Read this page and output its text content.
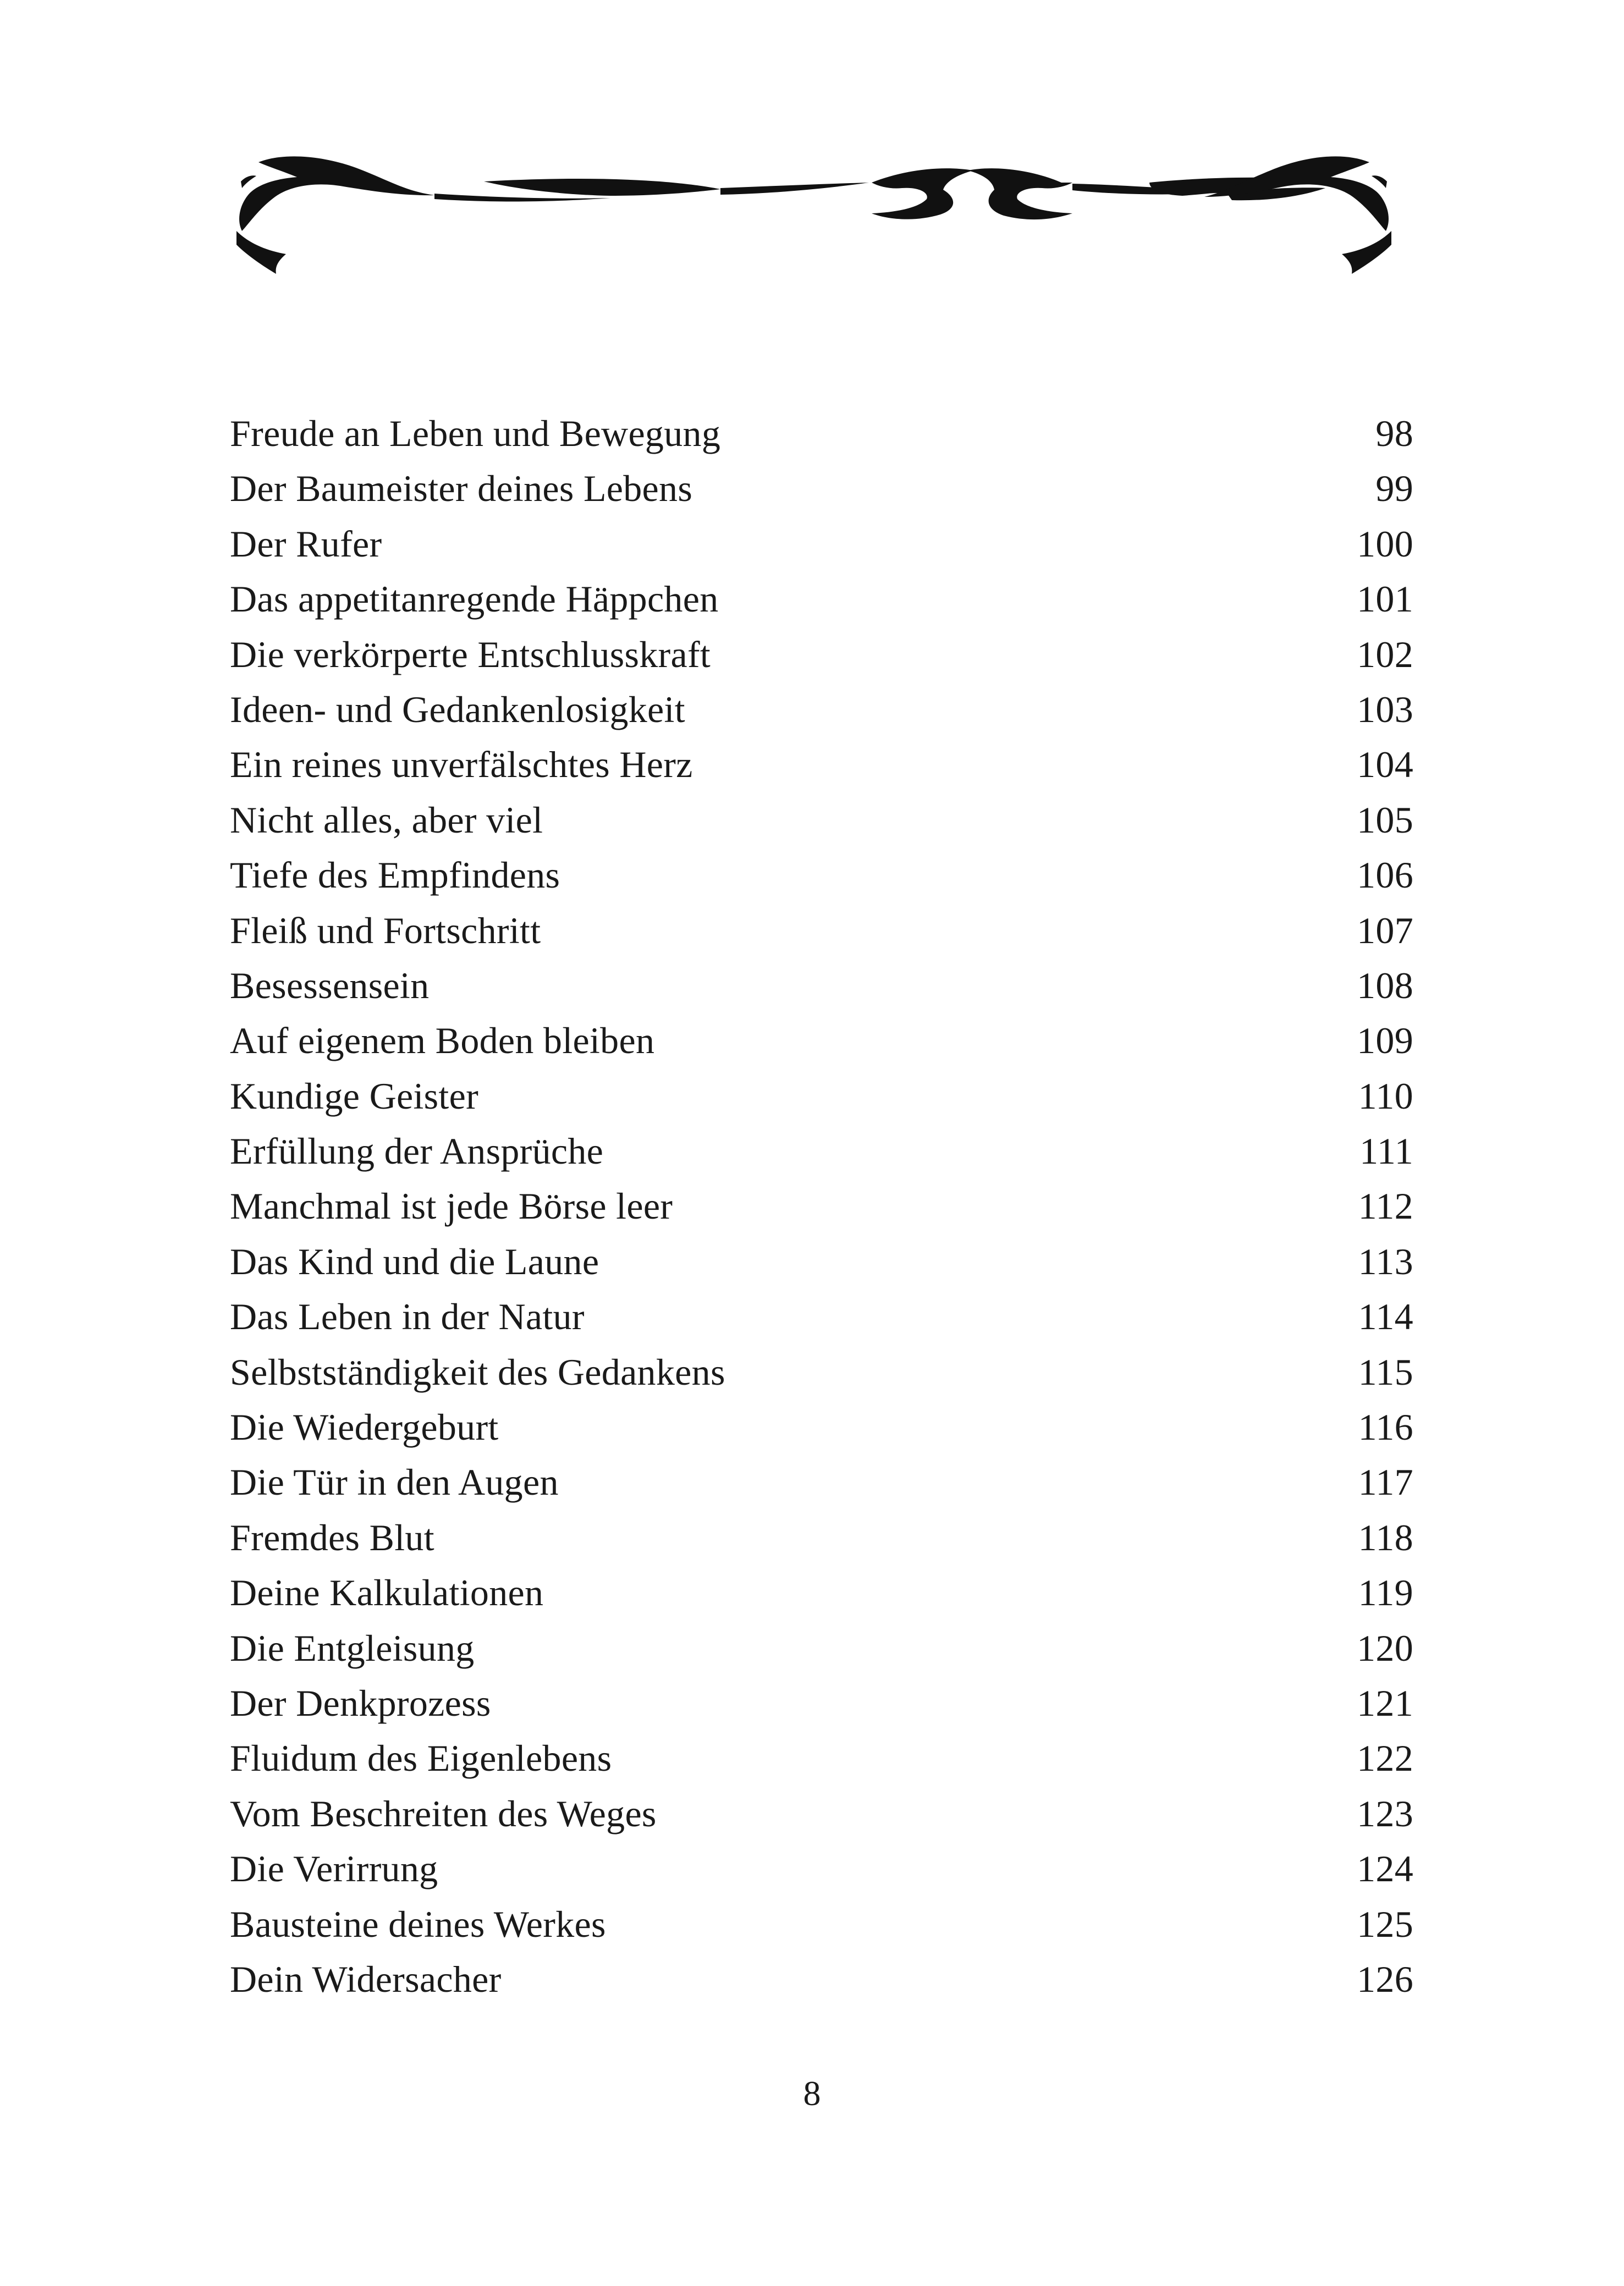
Freude an Leben und Bewegung	98
Der Baumeister deines Lebens	99
Der Rufer	100
Das appetitanregende Häppchen	101
Die verkörperte Entschlusskraft	102
Ideen- und Gedankenlosigkeit	103
Ein reines unverfälschtes Herz	104
Nicht alles, aber viel	105
Tiefe des Empfindens	106
Fleiß und Fortschritt	107
Besessensein	108
Auf eigenem Boden bleiben	109
Kundige Geister	110
Erfüllung der Ansprüche	111
Manchmal ist jede Börse leer	112
Das Kind und die Laune	113
Das Leben in der Natur	114
Selbstständigkeit des Gedankens	115
Die Wiedergeburt	116
Die Tür in den Augen	117
Fremdes Blut	118
Deine Kalkulationen	119
Die Entgleisung	120
Der Denkprozess	121
Fluidum des Eigenlebens	122
Vom Beschreiten des Weges	123
Die Verirrung	124
Bausteine deines Werkes	125
Dein Widersacher	126
8
